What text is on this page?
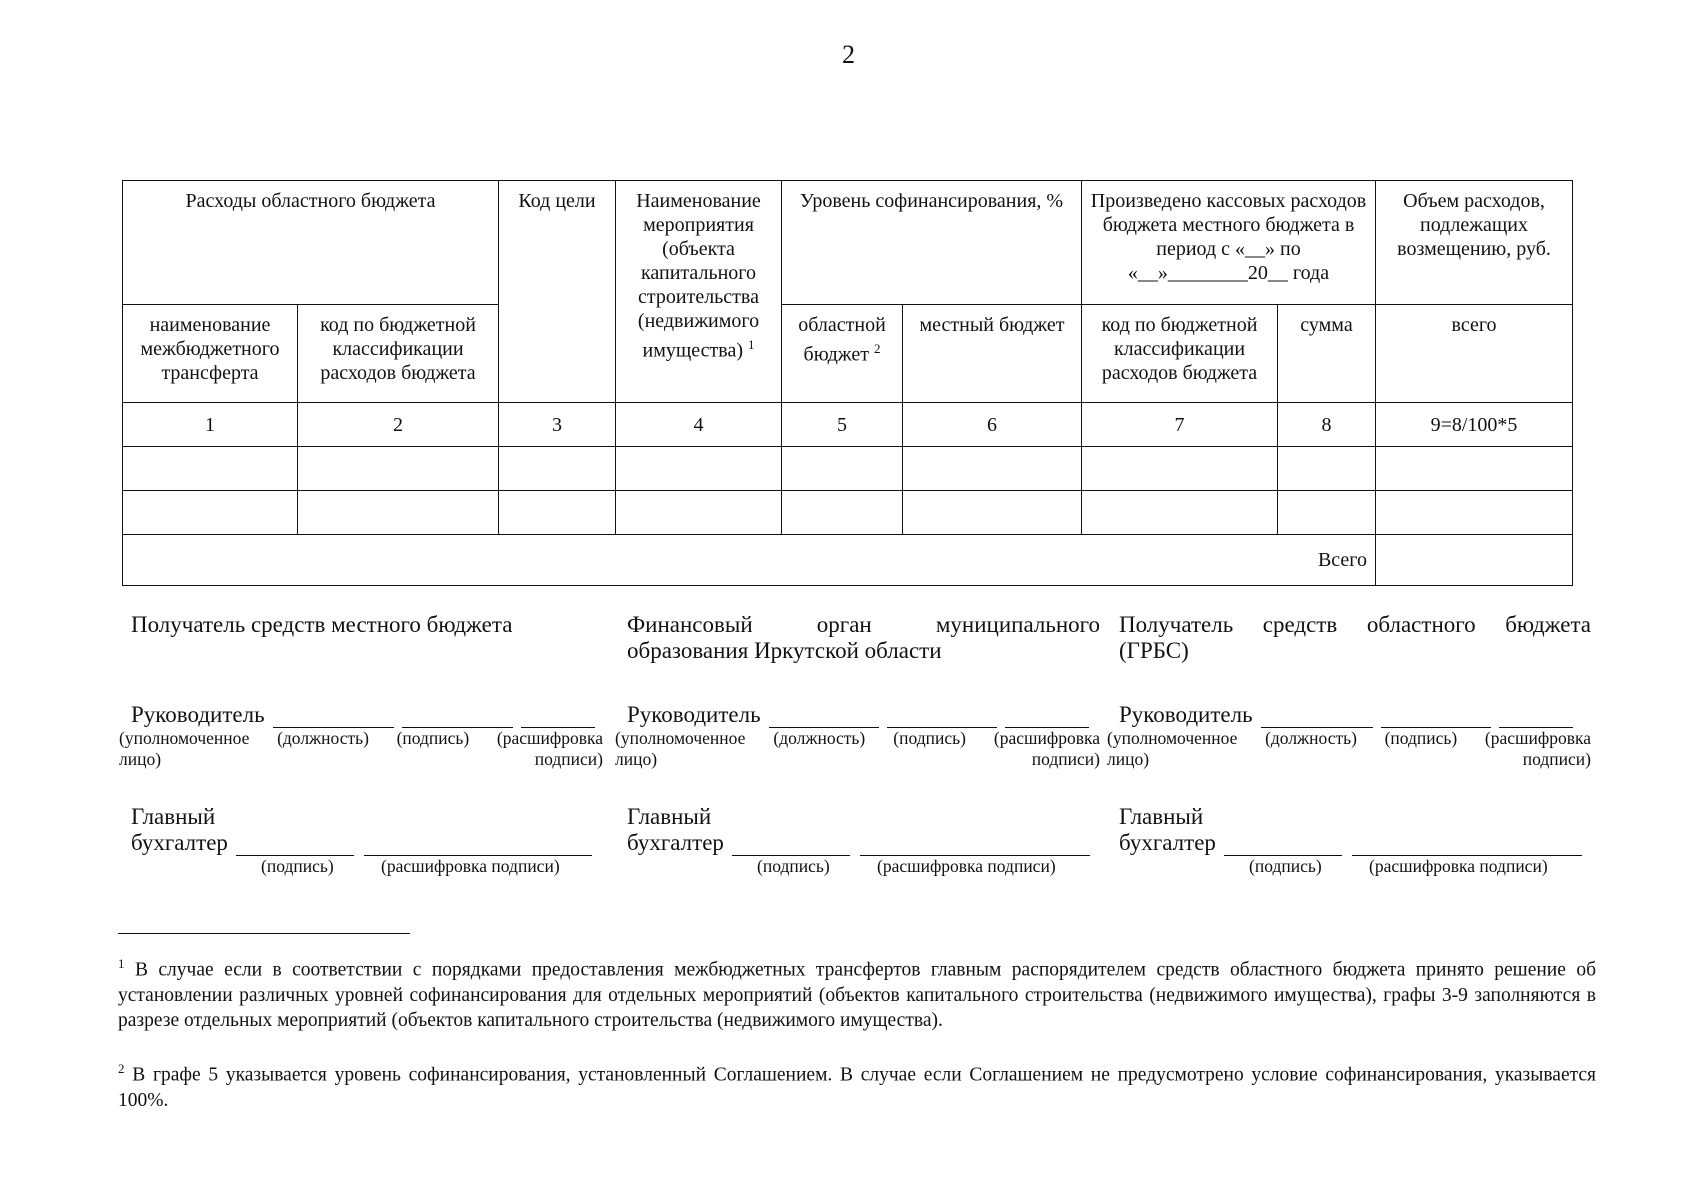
2
Расходы областного бюджета		Код цели	Наименование мероприятия (объекта капитального строительства (недвижимого имущества) $^1$	Уровень софинансирования, %		Произведено кассовых расходов бюджета местного бюджета в период с «__» по «__»________20__ года		Объем расходов, подлежащих возмещению, руб.
наименование межбюджетного трансферта	код по бюджетной классификации расходов бюджета			областной бюджет $^2$	местный бюджет	код по бюджетной классификации расходов бюджета	сумма	всего
1	2	3	4	5	6	7	8	9=8/100*5

Всего								
Получатель средств местного бюджета
Руководитель
(уполномоченное (должность) (подпись) (расшифровка
лицо)	подписи)
Главный
бухгалтер
(подпись)	(расшифровка подписи)
Финансовый орган муниципального образования Иркутской области
Руководитель
(уполномоченное (должность) (подпись) (расшифровка
лицо)	подписи)
Главный
бухгалтер
(подпись)	(расшифровка подписи)
Получатель средств областного бюджета (ГРБС)
Руководитель
(уполномоченное (должность) (подпись) (расшифровка
лицо)	подписи)
Главный
бухгалтер
(подпись)	(расшифровка подписи)
$^1$ В случае если в соответствии с порядками предоставления межбюджетных трансфертов главным распорядителем средств областного бюджета принято решение об установлении различных уровней софинансирования для отдельных мероприятий (объектов капитального строительства (недвижимого имущества), графы 3-9 заполняются в разрезе отдельных мероприятий (объектов капитального строительства (недвижимого имущества).
$^2$ В графе 5 указывается уровень софинансирования, установленный Соглашением. В случае если Соглашением не предусмотрено условие софинансирования, указывается 100%.
